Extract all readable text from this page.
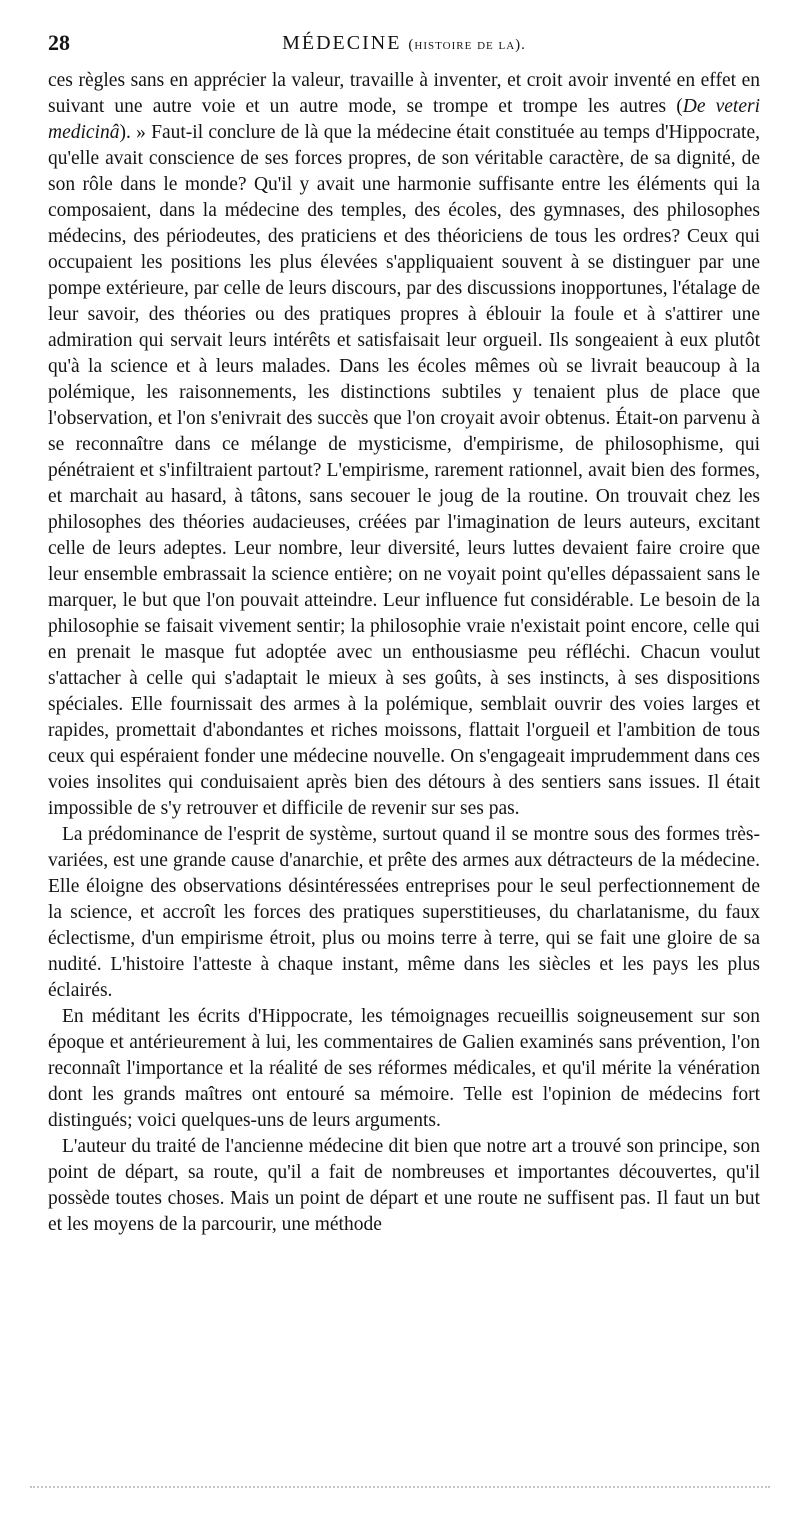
28	MÉDECINE (histoire de la).

ces règles sans en apprécier la valeur, travaille à inventer, et croit avoir inventé en effet en suivant une autre voie et un autre mode, se trompe et trompe les autres (De veteri medicinâ). » Faut-il conclure de là que la médecine était constituée au temps d'Hippocrate, qu'elle avait conscience de ses forces propres, de son véritable caractère, de sa dignité, de son rôle dans le monde? Qu'il y avait une harmonie suffisante entre les éléments qui la composaient, dans la médecine des temples, des écoles, des gymnases, des philosophes médecins, des périodeutes, des praticiens et des théoriciens de tous les ordres? Ceux qui occupaient les positions les plus élevées s'appliquaient souvent à se distinguer par une pompe extérieure, par celle de leurs discours, par des discussions inopportunes, l'étalage de leur savoir, des théories ou des pratiques propres à éblouir la foule et à s'attirer une admiration qui servait leurs intérêts et satisfaisait leur orgueil. Ils songeaient à eux plutôt qu'à la science et à leurs malades. Dans les écoles mêmes où se livrait beaucoup à la polémique, les raisonnements, les distinctions subtiles y tenaient plus de place que l'observation, et l'on s'enivrait des succès que l'on croyait avoir obtenus. Était-on parvenu à se reconnaître dans ce mélange de mysticisme, d'empirisme, de philosophisme, qui pénétraient et s'infiltraient partout? L'empirisme, rarement rationnel, avait bien des formes, et marchait au hasard, à tâtons, sans secouer le joug de la routine. On trouvait chez les philosophes des théories audacieuses, créées par l'imagination de leurs auteurs, excitant celle de leurs adeptes. Leur nombre, leur diversité, leurs luttes devaient faire croire que leur ensemble embrassait la science entière; on ne voyait point qu'elles dépassaient sans le marquer, le but que l'on pouvait atteindre. Leur influence fut considérable. Le besoin de la philosophie se faisait vivement sentir; la philosophie vraie n'existait point encore, celle qui en prenait le masque fut adoptée avec un enthousiasme peu réfléchi. Chacun voulut s'attacher à celle qui s'adaptait le mieux à ses goûts, à ses instincts, à ses dispositions spéciales. Elle fournissait des armes à la polémique, semblait ouvrir des voies larges et rapides, promettait d'abondantes et riches moissons, flattait l'orgueil et l'ambition de tous ceux qui espéraient fonder une médecine nouvelle. On s'engageait imprudemment dans ces voies insolites qui conduisaient après bien des détours à des sentiers sans issues. Il était impossible de s'y retrouver et difficile de revenir sur ses pas.

La prédominance de l'esprit de système, surtout quand il se montre sous des formes très-variées, est une grande cause d'anarchie, et prête des armes aux détracteurs de la médecine. Elle éloigne des observations désintéressées entreprises pour le seul perfectionnement de la science, et accroît les forces des pratiques superstitieuses, du charlatanisme, du faux éclectisme, d'un empirisme étroit, plus ou moins terre à terre, qui se fait une gloire de sa nudité. L'histoire l'atteste à chaque instant, même dans les siècles et les pays les plus éclairés.

En méditant les écrits d'Hippocrate, les témoignages recueillis soigneusement sur son époque et antérieurement à lui, les commentaires de Galien examinés sans prévention, l'on reconnaît l'importance et la réalité de ses réformes médicales, et qu'il mérite la vénération dont les grands maîtres ont entouré sa mémoire. Telle est l'opinion de médecins fort distingués; voici quelques-uns de leurs arguments.

L'auteur du traité de l'ancienne médecine dit bien que notre art a trouvé son principe, son point de départ, sa route, qu'il a fait de nombreuses et importantes découvertes, qu'il possède toutes choses. Mais un point de départ et une route ne suffisent pas. Il faut un but et les moyens de la parcourir, une méthode
